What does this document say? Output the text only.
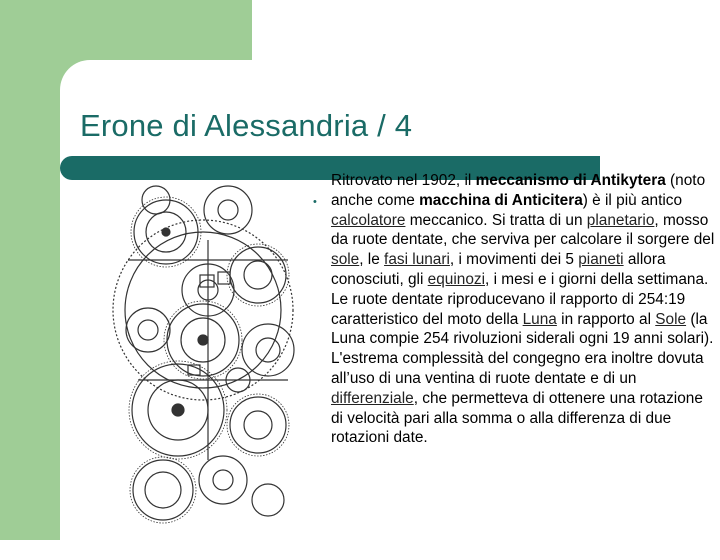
Erone di Alessandria / 4
•
Ritrovato nel 1902, il meccanismo di Antikytera (noto anche come macchina di Anticitera) è il più antico calcolatore meccanico. Si tratta di un planetario, mosso da ruote dentate, che serviva per calcolare il sorgere del sole, le fasi lunari, i movimenti dei 5 pianeti allora conosciuti, gli equinozi, i mesi e i giorni della settimana. Le ruote dentate riproducevano il rapporto di 254:19 caratteristico del moto della Luna in rapporto al Sole (la Luna compie 254 rivoluzioni siderali ogni 19 anni solari). L'estrema complessità del congegno era inoltre dovuta all’uso di una ventina di ruote dentate e di un differenziale, che permetteva di ottenere una rotazione di velocità pari alla somma o alla differenza di due rotazioni date.
